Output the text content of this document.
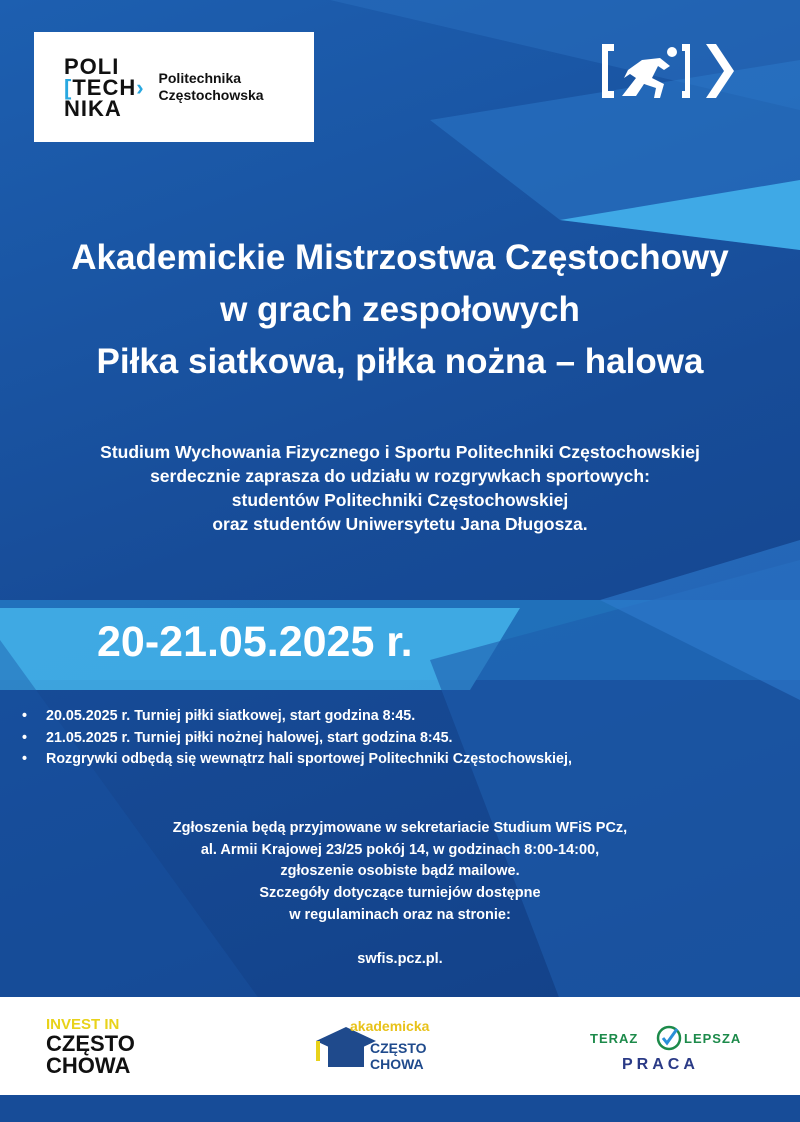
POLI
[TECH›
NIKA
Politechnika
Częstochowska
Akademickie Mistrzostwa Częstochowy
w grach zespołowych
Piłka siatkowa, piłka nożna – halowa
Studium Wychowania Fizycznego i Sportu Politechniki Częstochowskiej
serdecznie zaprasza do udziału w rozgrywkach sportowych:
studentów Politechniki Częstochowskiej
oraz studentów Uniwersytetu Jana Długosza.
20-21.05.2025 r.
• 20.05.2025 r. Turniej piłki siatkowej, start godzina 8:45.
• 21.05.2025 r. Turniej piłki nożnej halowej, start godzina 8:45.
• Rozgrywki odbędą się wewnątrz hali sportowej Politechniki Częstochowskiej,
Zgłoszenia będą przyjmowane w sekretariacie Studium WFiS PCz,
al. Armii Krajowej 23/25 pokój 14, w godzinach 8:00-14:00,
zgłoszenie osobiste bądź mailowe.
Szczegóły dotyczące turniejów dostępne
w regulaminach oraz na stronie:
swfis.pcz.pl.
INVEST IN
CZĘSTO
CHOWA
akademicka
CZĘSTO
CHOWA
TERAZ	LEPSZA
PRACA
